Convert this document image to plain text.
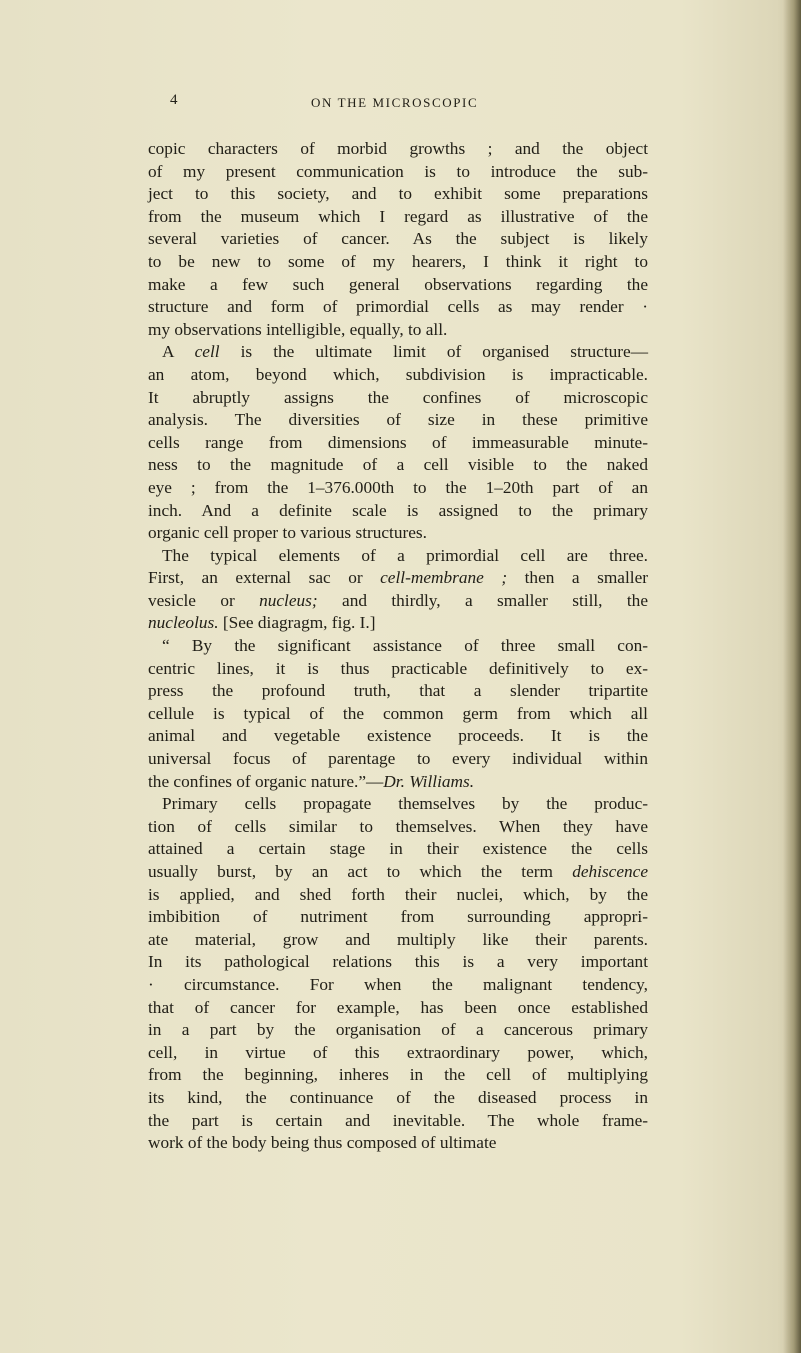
4	ON THE MICROSCOPIC
copic characters of morbid growths ; and the object
of my present communication is to introduce the sub-
ject to this society, and to exhibit some preparations
from the museum which I regard as illustrative of the
several varieties of cancer. As the subject is likely
to be new to some of my hearers, I think it right to
make a few such general observations regarding the
structure and form of primordial cells as may render ·
my observations intelligible, equally, to all.
A cell is the ultimate limit of organised structure—
an atom, beyond which, subdivision is impracticable.
It abruptly assigns the confines of microscopic
analysis. The diversities of size in these primitive
cells range from dimensions of immeasurable minute-
ness to the magnitude of a cell visible to the naked
eye ; from the 1–376.000th to the 1–20th part of an
inch. And a definite scale is assigned to the primary
organic cell proper to various structures.
The typical elements of a primordial cell are three.
First, an external sac or cell-membrane ; then a smaller
vesicle or nucleus; and thirdly, a smaller still, the
nucleolus. [See diagragm, fig. I.]
“ By the significant assistance of three small con-
centric lines, it is thus practicable definitively to ex-
press the profound truth, that a slender tripartite
cellule is typical of the common germ from which all
animal and vegetable existence proceeds. It is the
universal focus of parentage to every individual within
the confines of organic nature.”—Dr. Williams.
Primary cells propagate themselves by the produc-
tion of cells similar to themselves. When they have
attained a certain stage in their existence the cells
usually burst, by an act to which the term dehiscence
is applied, and shed forth their nuclei, which, by the
imbibition of nutriment from surrounding appropri-
ate material, grow and multiply like their parents.
In its pathological relations this is a very important
· circumstance. For when the malignant tendency,
that of cancer for example, has been once established
in a part by the organisation of a cancerous primary
cell, in virtue of this extraordinary power, which,
from the beginning, inheres in the cell of multiplying
its kind, the continuance of the diseased process in
the part is certain and inevitable. The whole frame-
work of the body being thus composed of ultimate
